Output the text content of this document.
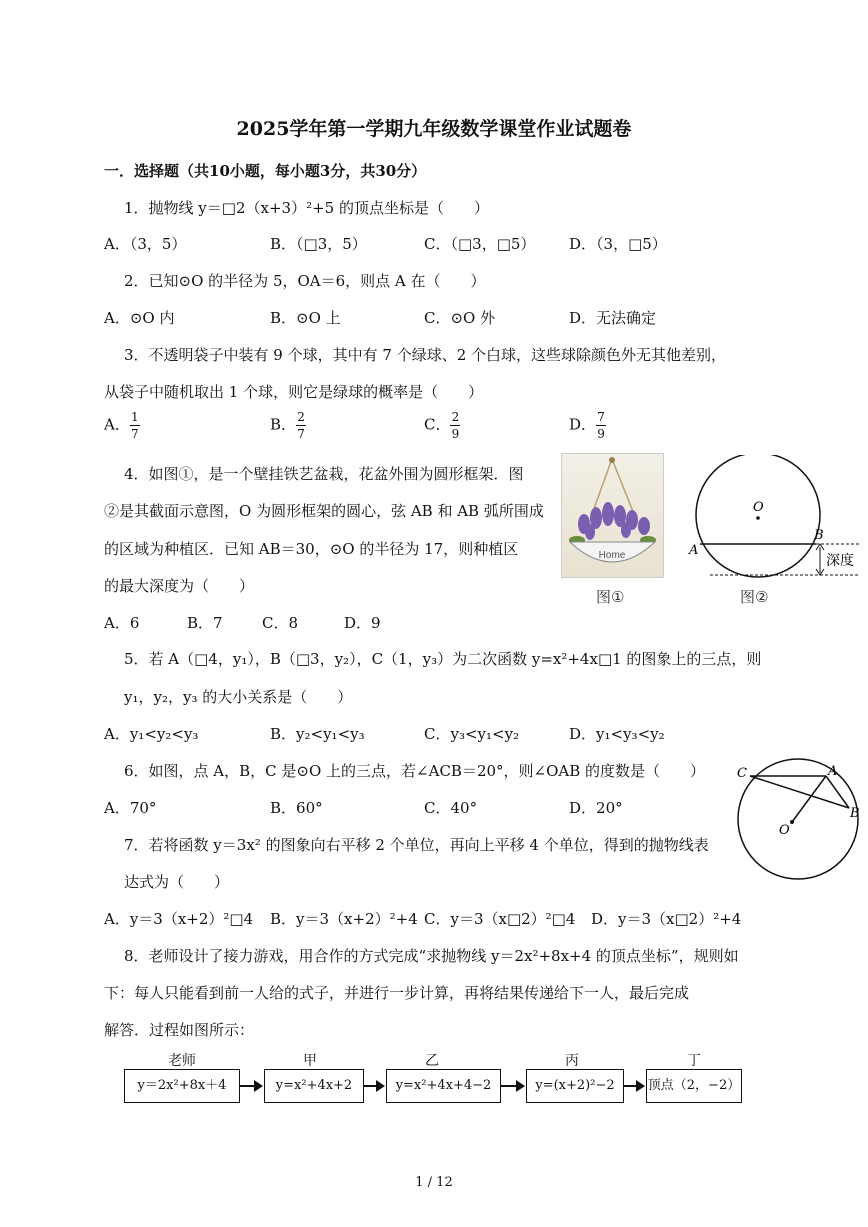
2025学年第一学期九年级数学课堂作业试题卷
一．选择题（共10小题，每小题3分，共30分）
1．抛物线 y＝□2（x+3）²+5 的顶点坐标是（　　）
A．（3，5）	B．（□3，5）	C．（□3，□5） D．（3，□5）
2．已知⊙O 的半径为 5，OA＝6，则点 A 在（　　）
A．⊙O 内	B．⊙O 上	C．⊙O 外	D．无法确定
3．不透明袋子中装有 9 个球，其中有 7 个绿球、2 个白球，这些球除颜色外无其他差别，
从袋子中随机取出 1 个球，则它是绿球的概率是（　　）
A． $\frac{1}{7}$	B． $\frac{2}{7}$	C． $\frac{2}{9}$	D． $\frac{7}{9}$
4．如图①，是一个壁挂铁艺盆栽，花盆外围为圆形框架．图
②是其截面示意图，O 为圆形框架的圆心，弦 AB 和 AB 弧所围成
的区域为种植区．已知 AB＝30，⊙O 的半径为 17，则种植区
的最大深度为（　　）
A．6	B．7	C．8	D．9
Home
图①
O
A
B
深度
图②
5．若 A（□4，y₁），B（□3，y₂），C（1，y₃）为二次函数 y=x²+4x□1 的图象上的三点，则
y₁，y₂，y₃ 的大小关系是（　　）
A．y₁<y₂<y₃	B．y₂<y₁<y₃	C．y₃<y₁<y₂	D．y₁<y₃<y₂
6．如图，点 A，B，C 是⊙O 上的三点，若∠ACB＝20°，则∠OAB 的度数是（　　）
A．70°	B．60°	C．40°	D．20°
C	A
B
O
7．若将函数 y＝3x² 的图象向右平移 2 个单位，再向上平移 4 个单位，得到的抛物线表
达式为（　　）
A．y＝3（x+2）²□4 B．y＝3（x+2）²+4 C．y＝3（x□2）²□4 D．y＝3（x□2）²+4
8．老师设计了接力游戏，用合作的方式完成“求抛物线 y＝2x²+8x+4 的顶点坐标”，规则如
下：每人只能看到前一人给的式子，并进行一步计算，再将结果传递给下一人，最后完成
解答．过程如图所示：
老师	甲	乙	丙	丁
y＝2x²+8x＋4	y=x²+4x+2	y=x²+4x+4−2	y=(x+2)²−2	顶点（2，−2）
1 / 12
